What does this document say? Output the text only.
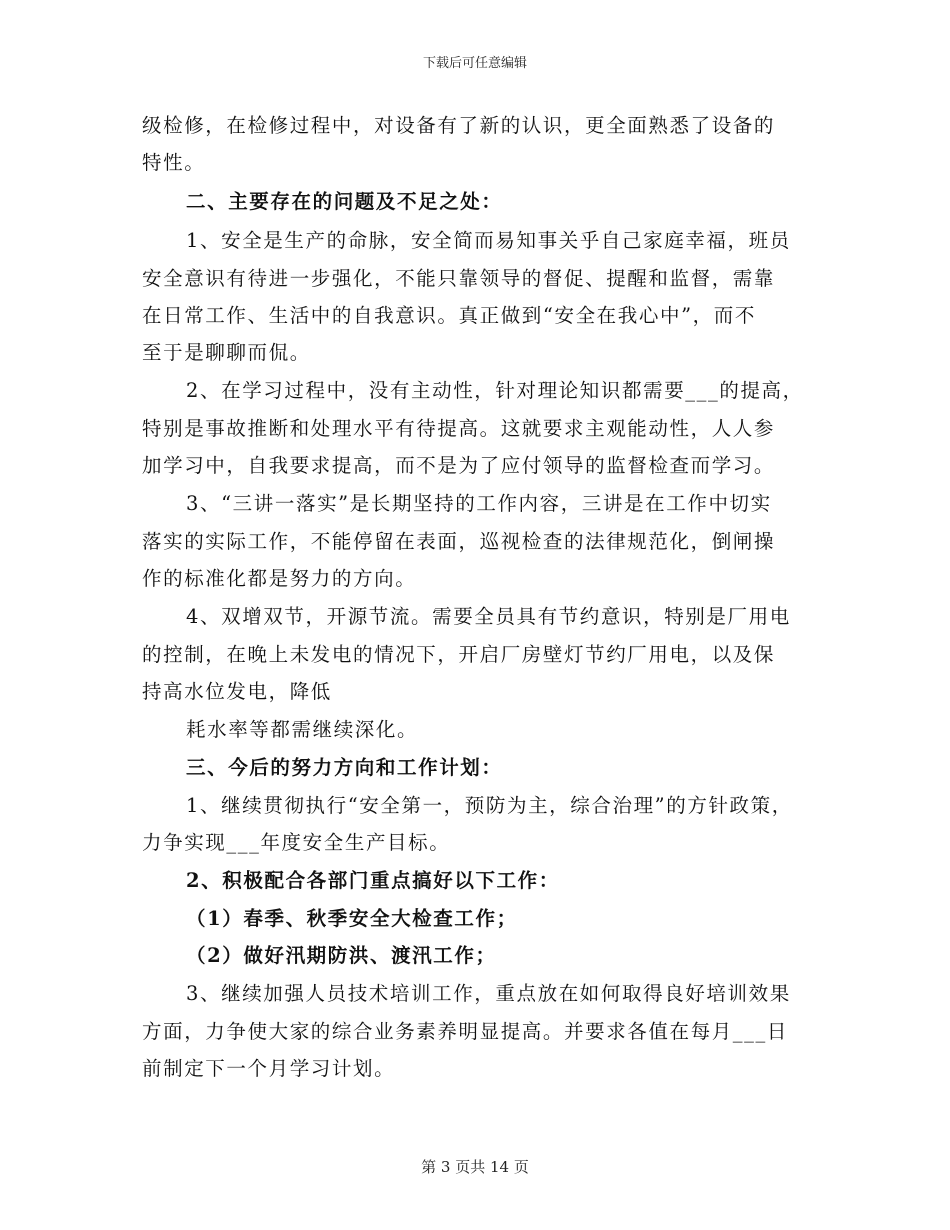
下载后可任意编辑
级检修，在检修过程中，对设备有了新的认识，更全面熟悉了设备的
特性。
二、主要存在的问题及不足之处：
1、安全是生产的命脉，安全简而易知事关乎自己家庭幸福，班员
安全意识有待进一步强化，不能只靠领导的督促、提醒和监督，需靠
在日常工作、生活中的自我意识。真正做到“安全在我心中”，而不
至于是聊聊而侃。
2、在学习过程中，没有主动性，针对理论知识都需要___的提高，
特别是事故推断和处理水平有待提高。这就要求主观能动性，人人参
加学习中，自我要求提高，而不是为了应付领导的监督检查而学习。
3、“三讲一落实”是长期坚持的工作内容，三讲是在工作中切实
落实的实际工作，不能停留在表面，巡视检查的法律规范化，倒闸操
作的标准化都是努力的方向。
4、双增双节，开源节流。需要全员具有节约意识，特别是厂用电
的控制，在晚上未发电的情况下，开启厂房壁灯节约厂用电，以及保
持高水位发电，降低
耗水率等都需继续深化。
三、今后的努力方向和工作计划：
1、继续贯彻执行“安全第一，预防为主，综合治理”的方针政策，
力争实现___年度安全生产目标。
2、积极配合各部门重点搞好以下工作：
（1）春季、秋季安全大检查工作；
（2）做好汛期防洪、渡汛工作；
3、继续加强人员技术培训工作，重点放在如何取得良好培训效果
方面，力争使大家的综合业务素养明显提高。并要求各值在每月___日
前制定下一个月学习计划。
第 3 页共 14 页
